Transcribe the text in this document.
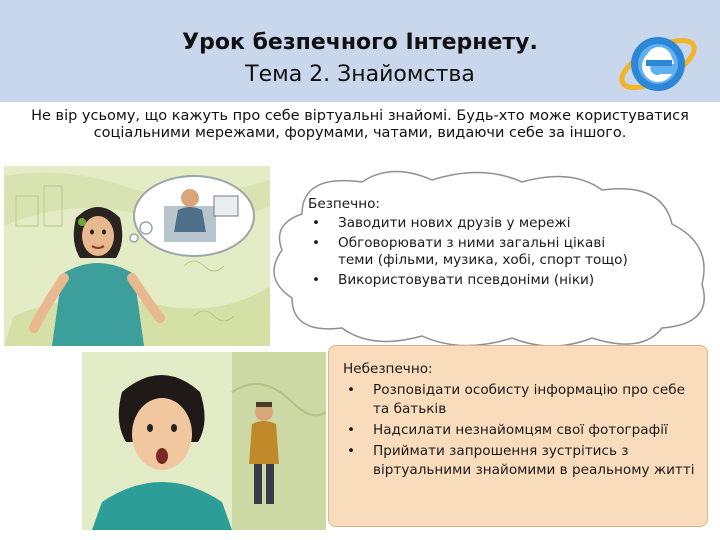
Урок безпечного Інтернету.
Тема 2. Знайомства
Не вір усьому, що кажуть про себе віртуальні знайомі. Будь-хто може користуватися соціальними мережами, форумами, чатами, видаючи себе за іншого.
Безпечно:
• Заводити нових друзів у мережі
• Обговорювати з ними загальні цікаві теми (фільми, музика, хобі, спорт тощо)
• Використовувати псевдоніми (ніки)
Небезпечно:
• Розповідати особисту інформацію про себе та батьків
• Надсилати незнайомцям свої фотографії
• Приймати запрошення зустрітись з віртуальними знайомими в реальному житті
